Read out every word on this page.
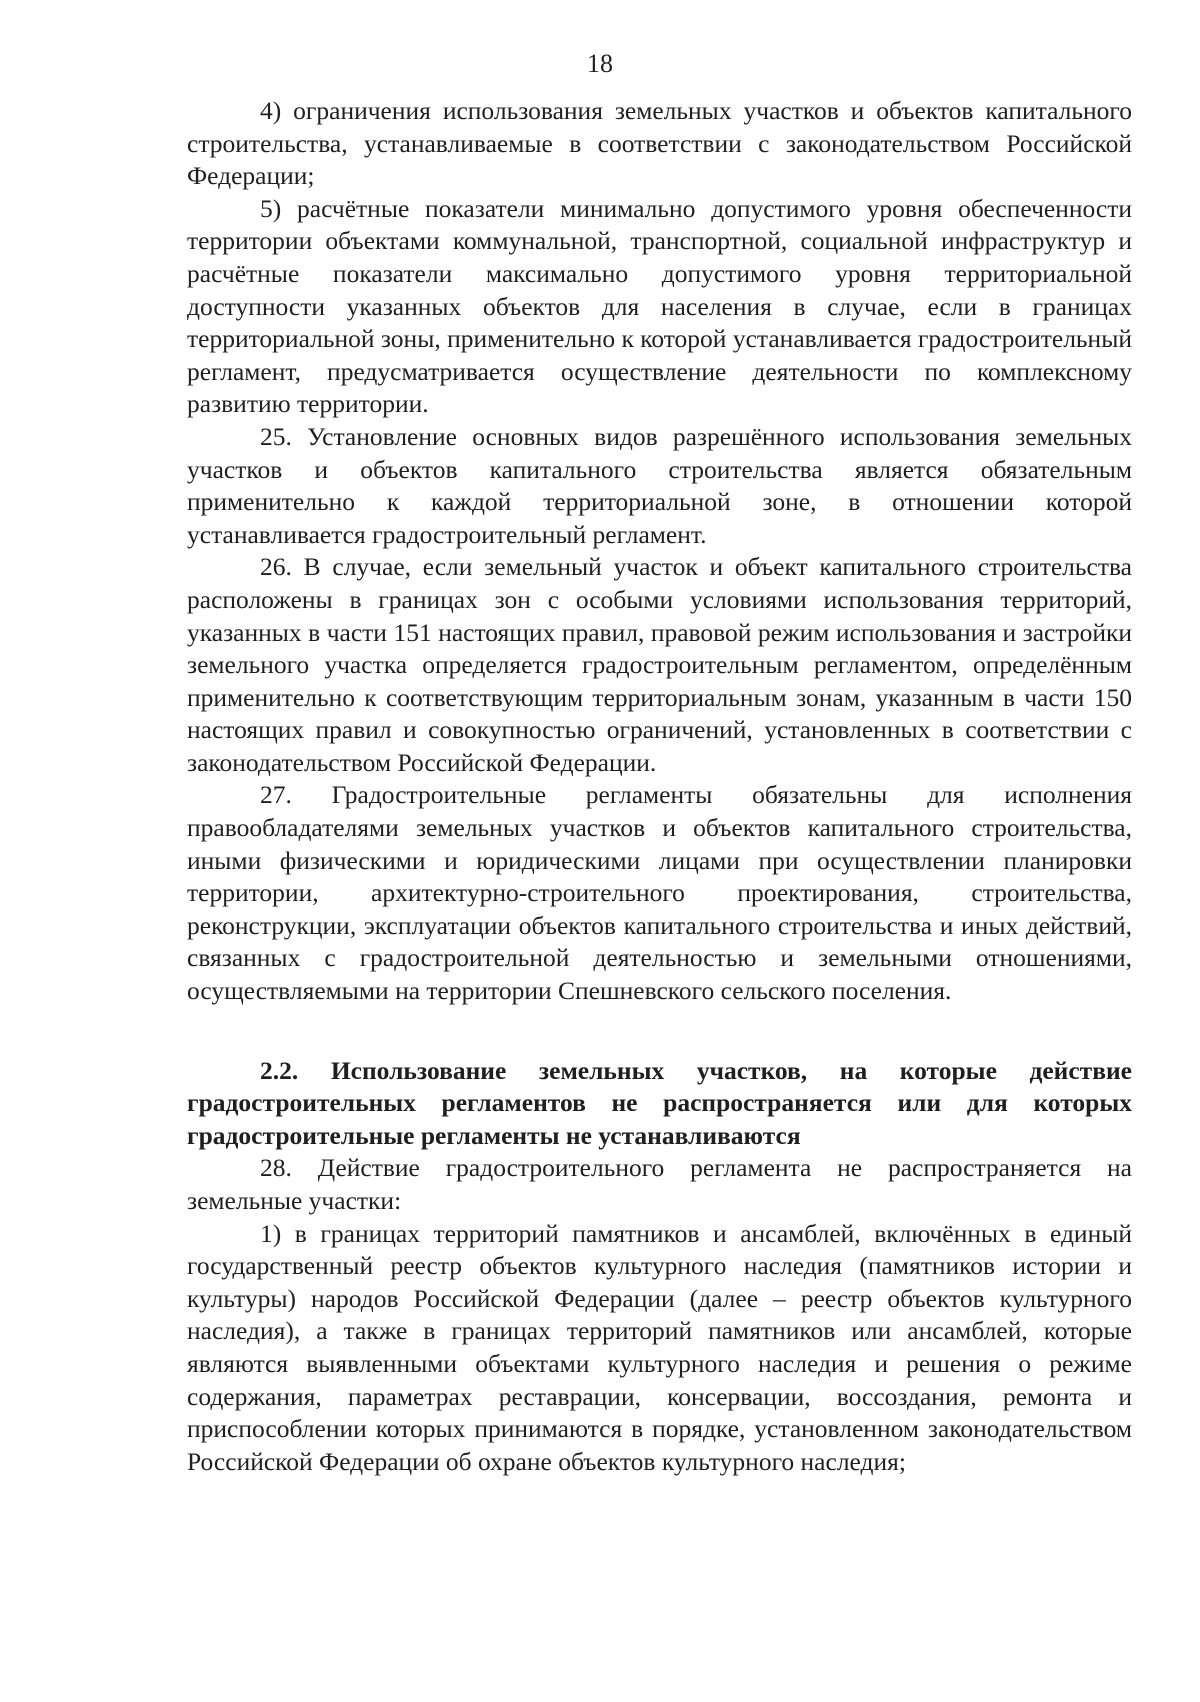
18

4) ограничения использования земельных участков и объектов капитального строительства, устанавливаемые в соответствии с законодательством Российской Федерации;

5) расчётные показатели минимально допустимого уровня обеспеченности территории объектами коммунальной, транспортной, социальной инфраструктур и расчётные показатели максимально допустимого уровня территориальной доступности указанных объектов для населения в случае, если в границах территориальной зоны, применительно к которой устанавливается градостроительный регламент, предусматривается осуществление деятельности по комплексному развитию территории.

25. Установление основных видов разрешённого использования земельных участков и объектов капитального строительства является обязательным применительно к каждой территориальной зоне, в отношении которой устанавливается градостроительный регламент.

26. В случае, если земельный участок и объект капитального строительства расположены в границах зон с особыми условиями использования территорий, указанных в части 151 настоящих правил, правовой режим использования и застройки земельного участка определяется градостроительным регламентом, определённым применительно к соответствующим территориальным зонам, указанным в части 150 настоящих правил и совокупностью ограничений, установленных в соответствии с законодательством Российской Федерации.

27. Градостроительные регламенты обязательны для исполнения правообладателями земельных участков и объектов капитального строительства, иными физическими и юридическими лицами при осуществлении планировки территории, архитектурно-строительного проектирования, строительства, реконструкции, эксплуатации объектов капитального строительства и иных действий, связанных с градостроительной деятельностью и земельными отношениями, осуществляемыми на территории Спешневского сельского поселения.

2.2. Использование земельных участков, на которые действие градостроительных регламентов не распространяется или для которых градостроительные регламенты не устанавливаются

28. Действие градостроительного регламента не распространяется на земельные участки:

1) в границах территорий памятников и ансамблей, включённых в единый государственный реестр объектов культурного наследия (памятников истории и культуры) народов Российской Федерации (далее – реестр объектов культурного наследия), а также в границах территорий памятников или ансамблей, которые являются выявленными объектами культурного наследия и решения о режиме содержания, параметрах реставрации, консервации, воссоздания, ремонта и приспособлении которых принимаются в порядке, установленном законодательством Российской Федерации об охране объектов культурного наследия;
